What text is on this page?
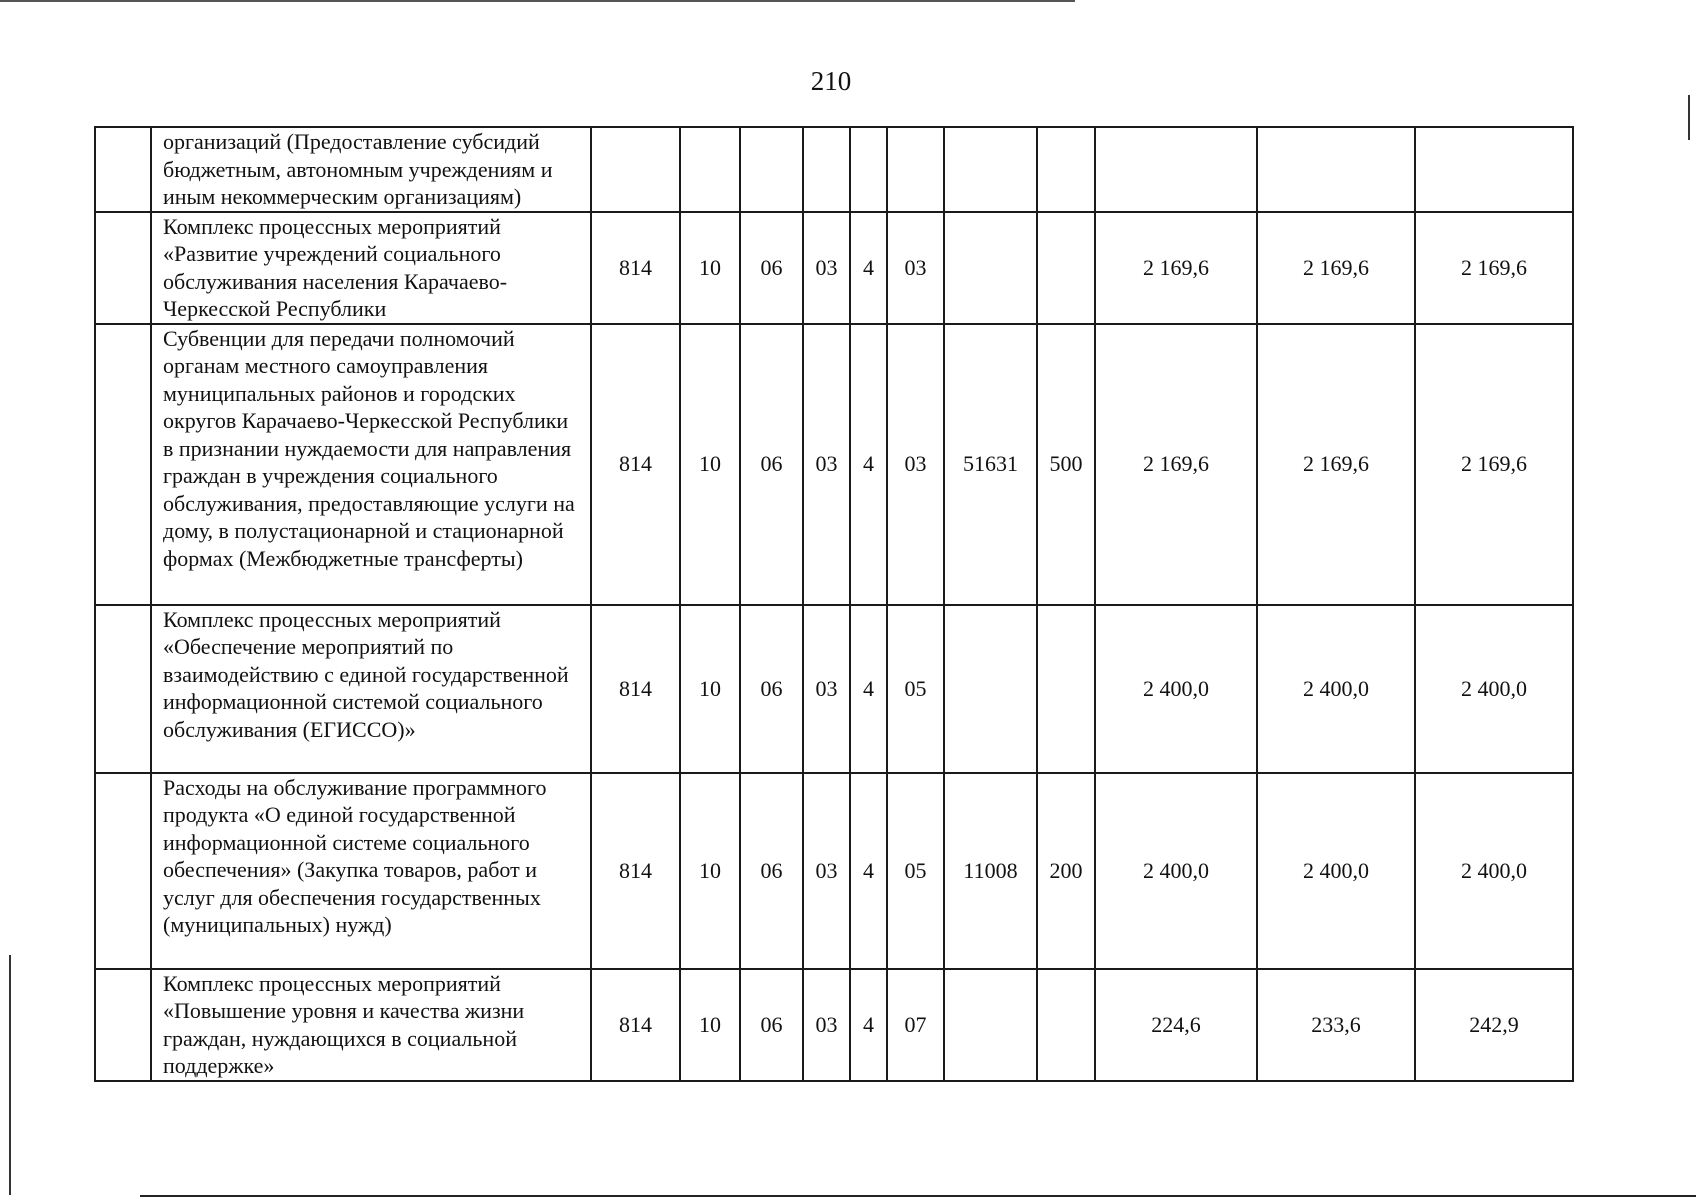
210
	организаций (Предоставление субсидий бюджетным, автономным учреждениям и иным некоммерческим организациям)											
	Комплекс процессных мероприятий «Развитие учреждений социального обслуживания населения Карачаево-Черкесской Республики	814	10	06	03	4	03			2 169,6	2 169,6	2 169,6
	Субвенции для передачи полномочий органам местного самоуправления муниципальных районов и городских округов Карачаево-Черкесской Республики в признании нуждаемости для направления граждан в учреждения социального обслуживания, предоставляющие услуги на дому, в полустационарной и стационарной формах (Межбюджетные трансферты)	814	10	06	03	4	03	51631	500	2 169,6	2 169,6	2 169,6
	Комплекс процессных мероприятий «Обеспечение мероприятий по взаимодействию с единой государственной информационной системой социального обслуживания (ЕГИССО)»	814	10	06	03	4	05			2 400,0	2 400,0	2 400,0
	Расходы на обслуживание программного продукта «О единой государственной информационной системе социального обеспечения» (Закупка товаров, работ и услуг для обеспечения государственных (муниципальных) нужд)	814	10	06	03	4	05	11008	200	2 400,0	2 400,0	2 400,0
	Комплекс процессных мероприятий «Повышение уровня и качества жизни граждан, нуждающихся в социальной поддержке»	814	10	06	03	4	07			224,6	233,6	242,9
